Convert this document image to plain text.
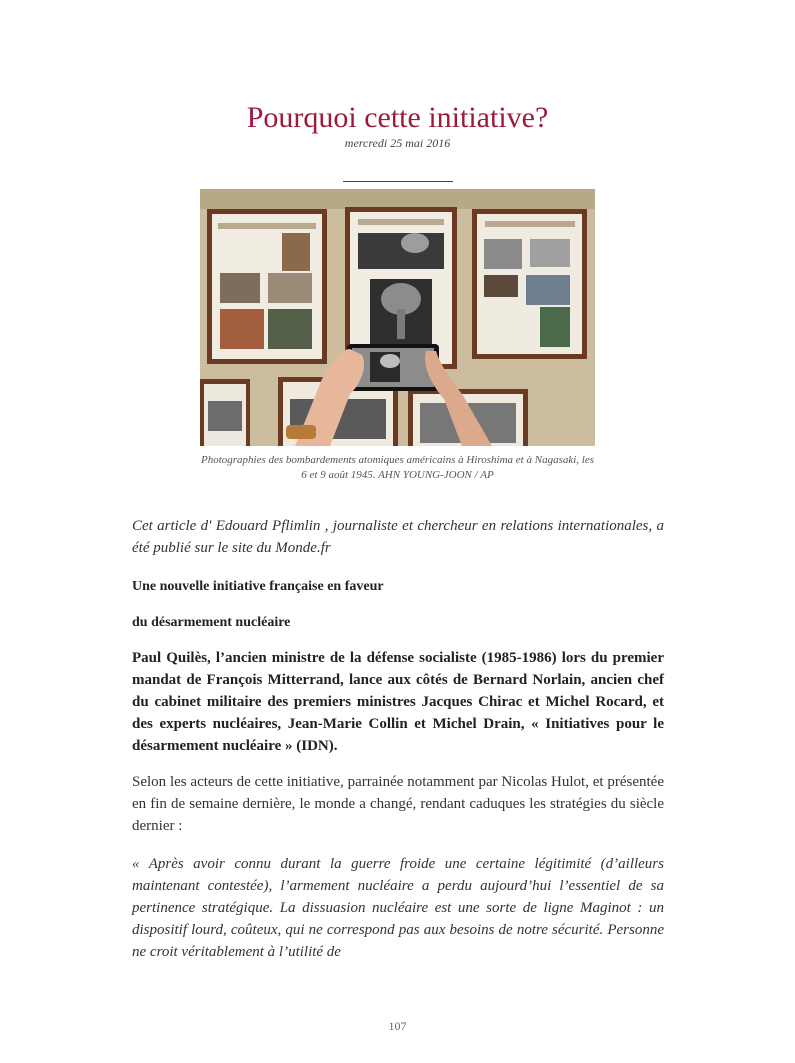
Pourquoi cette initiative?
mercredi 25 mai 2016
Photographies des bombardements atomiques américains à Hiroshima et à Nagasaki, les 6 et 9 août 1945. AHN YOUNG-JOON / AP

Cet article d' Edouard Pflimlin , journaliste et chercheur en relations internationales, a été publié sur le site du Monde.fr

Une nouvelle initiative française en faveur

du désarmement nucléaire

Paul Quilès, l’ancien ministre de la défense socialiste (1985-1986) lors du premier mandat de François Mitterrand, lance aux côtés de Bernard Norlain, ancien chef du cabinet militaire des premiers ministres Jacques Chirac et Michel Rocard, et des experts nucléaires, Jean-Marie Collin et Michel Drain, « Initiatives pour le désarmement nucléaire » (IDN).

Selon les acteurs de cette initiative, parrainée notamment par Nicolas Hulot, et présentée en fin de semaine dernière, le monde a changé, rendant caduques les stratégies du siècle dernier :

« Après avoir connu durant la guerre froide une certaine légitimité (d’ailleurs maintenant contestée), l’armement nucléaire a perdu aujourd’hui l’essentiel de sa pertinence stratégique. La dissuasion nucléaire est une sorte de ligne Maginot : un dispositif lourd, coûteux, qui ne correspond pas aux besoins de notre sécurité. Personne ne croit véritablement à l’utilité de

107
